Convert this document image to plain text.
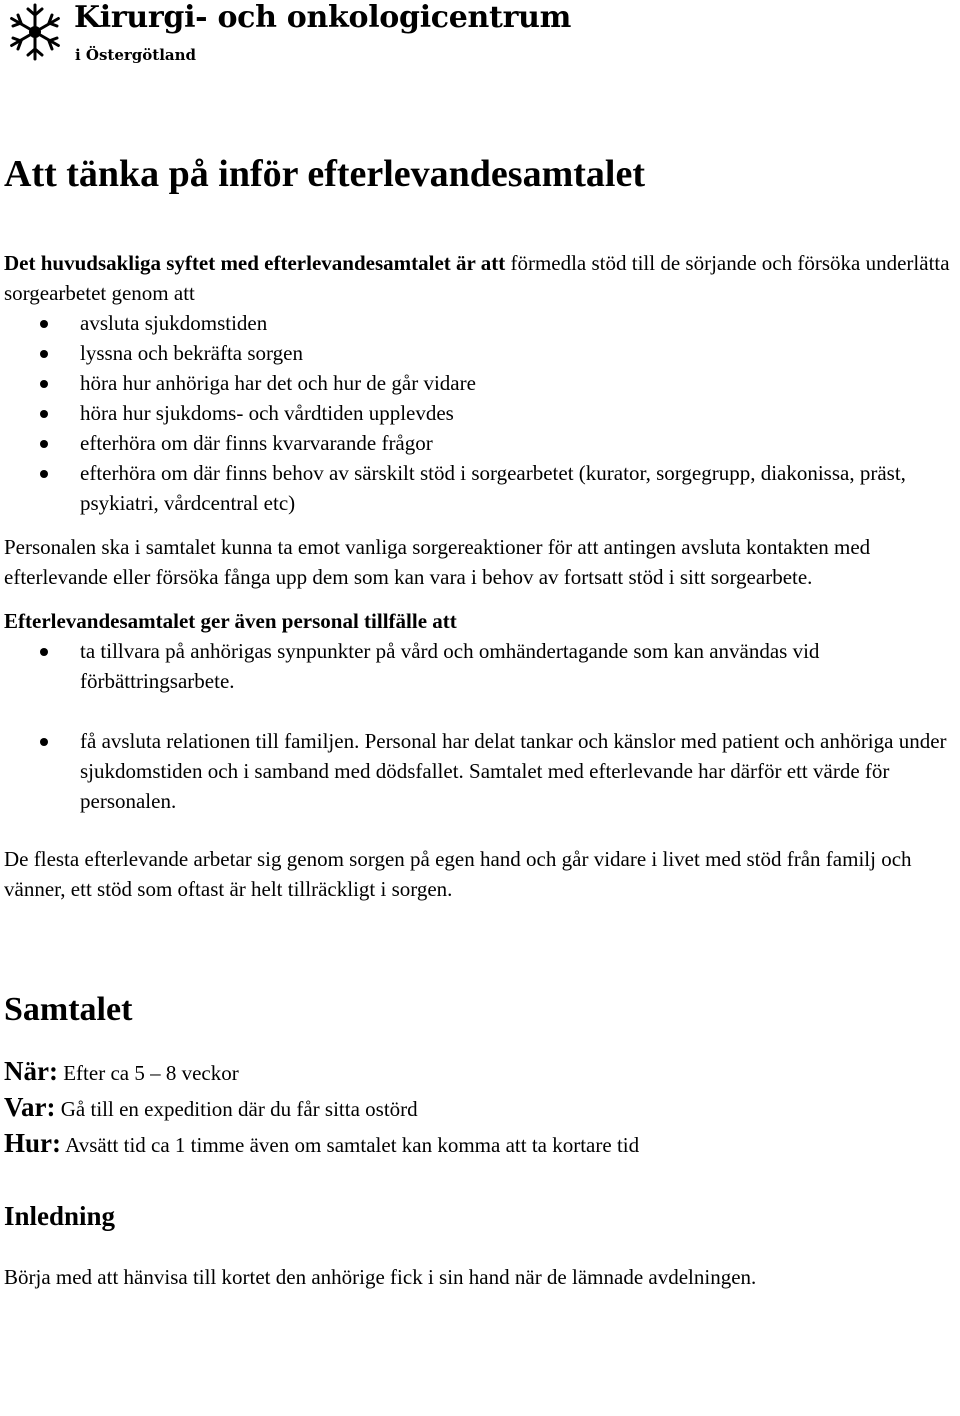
Kirurgi- och onkologicentrum
i Östergötland
Att tänka på inför efterlevandesamtalet

Det huvudsakliga syftet med efterlevandesamtalet är att förmedla stöd till de sörjande och försöka underlätta sorgearbetet genom att

avsluta sjukdomstiden
lyssna och bekräfta sorgen
höra hur anhöriga har det och hur de går vidare
höra hur sjukdoms- och vårdtiden upplevdes
efterhöra om där finns kvarvarande frågor
efterhöra om där finns behov av särskilt stöd i sorgearbetet (kurator, sorgegrupp, diakonissa, präst, psykiatri, vårdcentral etc)

Personalen ska i samtalet kunna ta emot vanliga sorgereaktioner för att antingen avsluta kontakten med efterlevande eller försöka fånga upp dem som kan vara i behov av fortsatt stöd i sitt sorgearbete.

Efterlevandesamtalet ger även personal tillfälle att

ta tillvara på anhörigas synpunkter på vård och omhändertagande som kan användas vid förbättringsarbete.
få avsluta relationen till familjen. Personal har delat tankar och känslor med patient och anhöriga under sjukdomstiden och i samband med dödsfallet. Samtalet med efterlevande har därför ett värde för personalen.

De flesta efterlevande arbetar sig genom sorgen på egen hand och går vidare i livet med stöd från familj och vänner, ett stöd som oftast är helt tillräckligt i sorgen.

Samtalet
När: Efter ca 5 – 8 veckor
Var: Gå till en expedition där du får sitta ostörd
Hur: Avsätt tid ca 1 timme även om samtalet kan komma att ta kortare tid
Inledning

Börja med att hänvisa till kortet den anhörige fick i sin hand när de lämnade avdelningen.
